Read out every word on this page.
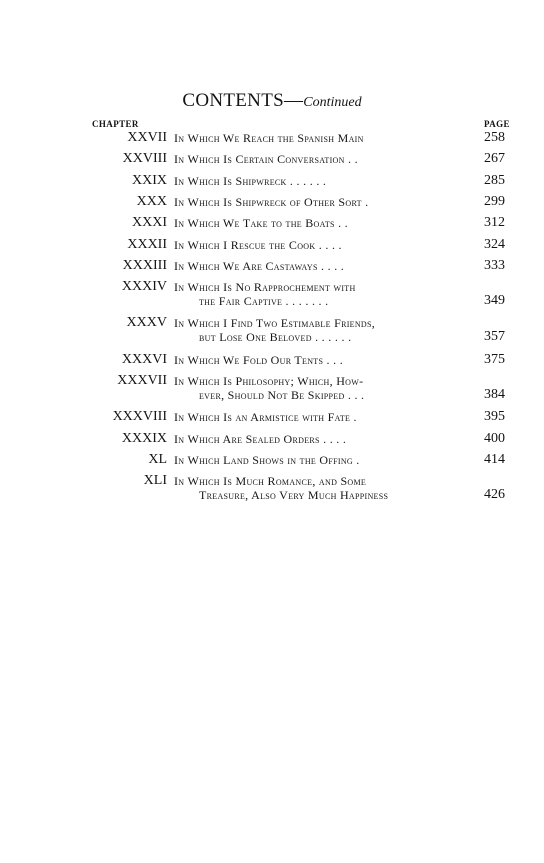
CONTENTS—Continued
CHAPTER	PAGE
XXVII In Which We Reach the Spanish Main	258
XXVIII In Which Is Certain Conversation . .	267
XXIX In Which Is Shipwreck . . . . . .	285
XXX In Which Is Shipwreck of Other Sort .	299
XXXI In Which We Take to the Boats . .	312
XXXII In Which I Rescue the Cook . . . .	324
XXXIII In Which We Are Castaways . . . .	333
XXXIV In Which Is No Rapprochement with
the Fair Captive . . . . . . .	349
XXXV In Which I Find Two Estimable Friends,
but Lose One Beloved . . . . . .	357
XXXVI In Which We Fold Our Tents . . .	375
XXXVII In Which Is Philosophy; Which, How-
ever, Should Not Be Skipped . . .	384
XXXVIII In Which Is an Armistice with Fate .	395
XXXIX In Which Are Sealed Orders . . . .	400
XL In Which Land Shows in the Offing .	414
XLI In Which Is Much Romance, and Some
Treasure, Also Very Much Happiness	426
